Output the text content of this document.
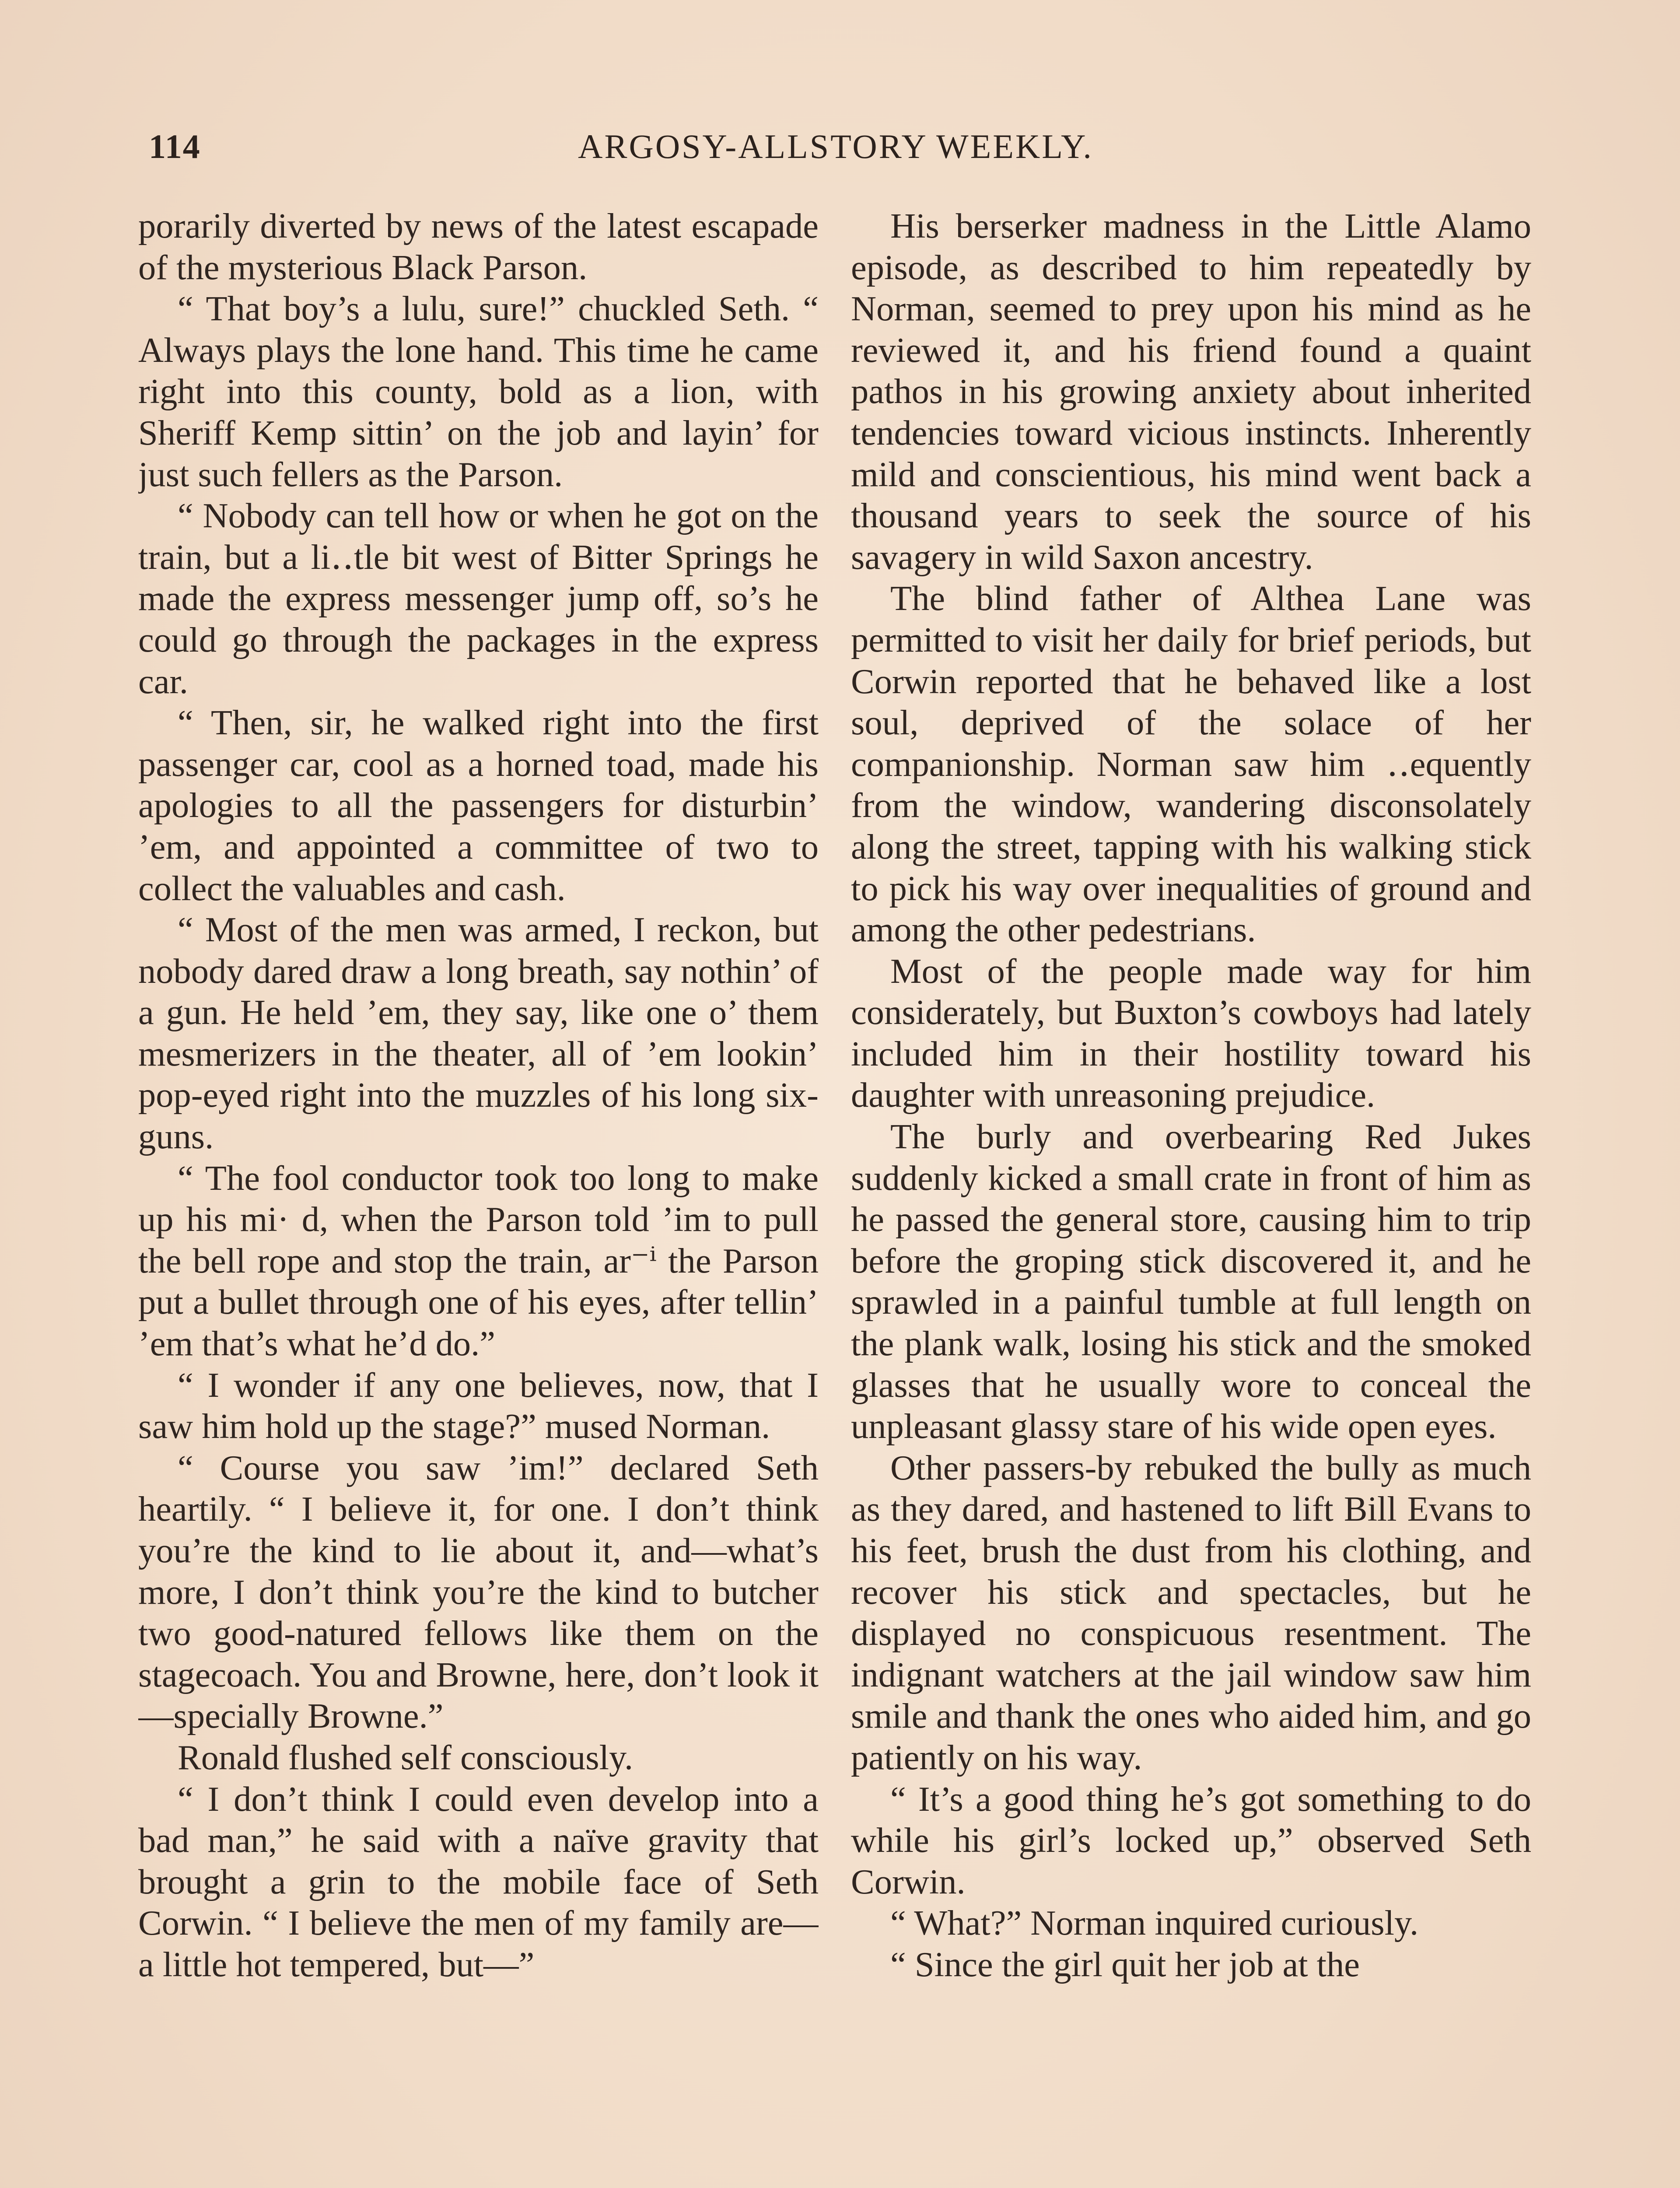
114	ARGOSY-ALLSTORY WEEKLY.

porarily diverted by news of the latest escapade of the mysterious Black Parson.

“ That boy’s a lulu, sure!” chuckled Seth. “ Always plays the lone hand. This time he came right into this county, bold as a lion, with Sheriff Kemp sittin’ on the job and layin’ for just such fellers as the Parson.

“ Nobody can tell how or when he got on the train, but a li‥tle bit west of Bitter Springs he made the express messenger jump off, so’s he could go through the packages in the express car.

“ Then, sir, he walked right into the first passenger car, cool as a horned toad, made his apologies to all the passengers for disturbin’ ’em, and appointed a committee of two to collect the valuables and cash.

“ Most of the men was armed, I reckon, but nobody dared draw a long breath, say nothin’ of a gun. He held ’em, they say, like one o’ them mesmerizers in the theater, all of ’em lookin’ pop-eyed right into the muzzles of his long six-guns.

“ The fool conductor took too long to make up his mi· d, when the Parson told ’im to pull the bell rope and stop the train, ar⁻ⁱ the Parson put a bullet through one of his eyes, after tellin’ ’em that’s what he’d do.”

“ I wonder if any one believes, now, that I saw him hold up the stage?” mused Norman.

“ Course you saw ’im!” declared Seth heartily. “ I believe it, for one. I don’t think you’re the kind to lie about it, and—what’s more, I don’t think you’re the kind to butcher two good-natured fellows like them on the stagecoach. You and Browne, here, don’t look it—specially Browne.”

Ronald flushed self consciously.

“ I don’t think I could even develop into a bad man,” he said with a naïve gravity that brought a grin to the mobile face of Seth Corwin. “ I believe the men of my family are—a little hot tempered, but—”

His berserker madness in the Little Alamo episode, as described to him repeatedly by Norman, seemed to prey upon his mind as he reviewed it, and his friend found a quaint pathos in his growing anxiety about inherited tendencies toward vicious instincts. Inherently mild and conscientious, his mind went back a thousand years to seek the source of his savagery in wild Saxon ancestry.

The blind father of Althea Lane was permitted to visit her daily for brief periods, but Corwin reported that he behaved like a lost soul, deprived of the solace of her companionship. Norman saw him ‥equently from the window, wandering disconsolately along the street, tapping with his walking stick to pick his way over inequalities of ground and among the other pedestrians.

Most of the people made way for him considerately, but Buxton’s cowboys had lately included him in their hostility toward his daughter with unreasoning prejudice.

The burly and overbearing Red Jukes suddenly kicked a small crate in front of him as he passed the general store, causing him to trip before the groping stick discovered it, and he sprawled in a painful tumble at full length on the plank walk, losing his stick and the smoked glasses that he usually wore to conceal the unpleasant glassy stare of his wide open eyes.

Other passers-by rebuked the bully as much as they dared, and hastened to lift Bill Evans to his feet, brush the dust from his clothing, and recover his stick and spectacles, but he displayed no conspicuous resentment. The indignant watchers at the jail window saw him smile and thank the ones who aided him, and go patiently on his way.

“ It’s a good thing he’s got something to do while his girl’s locked up,” observed Seth Corwin.

“ What?” Norman inquired curiously.

“ Since the girl quit her job at the
